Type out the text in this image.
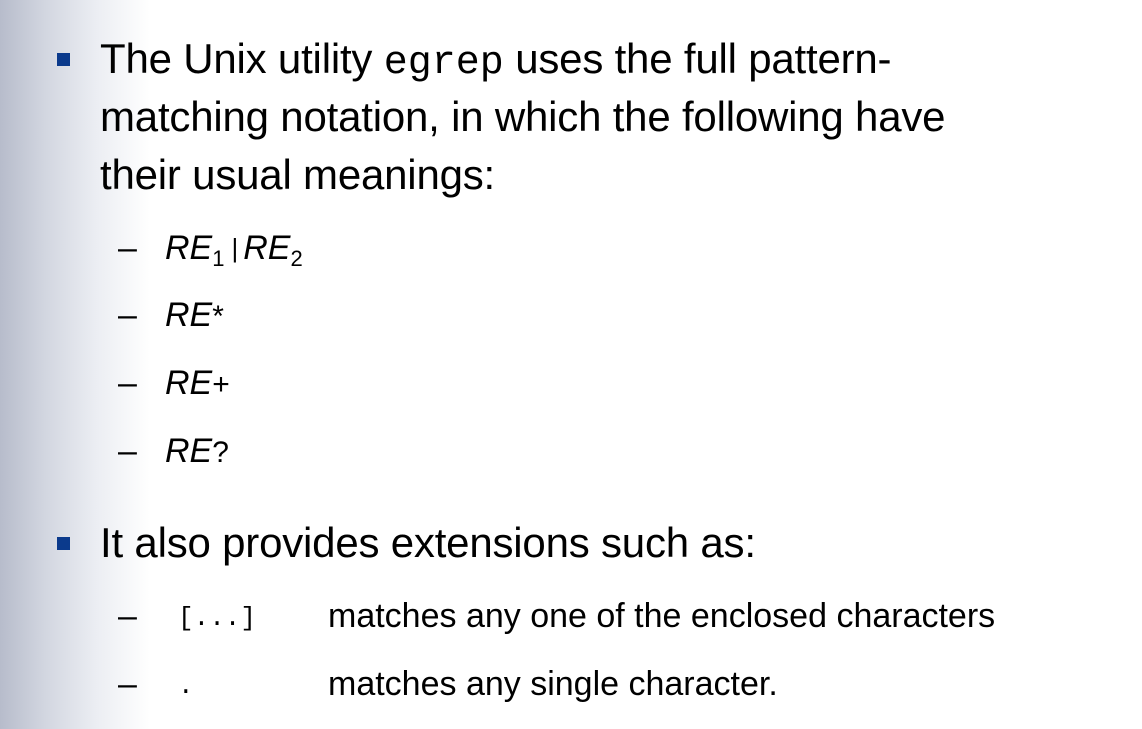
The Unix utility egrep uses the full pattern-
matching notation, in which the following have
their usual meanings:
– $RE_1$ | $RE_2$
– RE*
– RE+
– RE?
It also provides extensions such as:
– [...] matches any one of the enclosed characters
– .	matches any single character.
